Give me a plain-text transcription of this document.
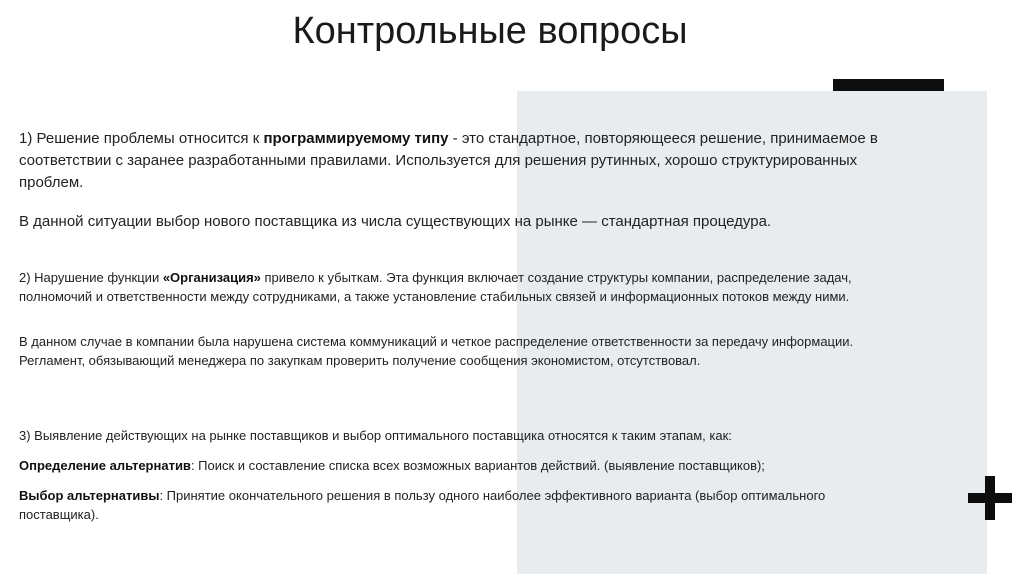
Контрольные вопросы
1) Решение проблемы относится к программируемому типу - это стандартное, повторяющееся решение, принимаемое в соответствии с заранее разработанными правилами. Используется для решения рутинных, хорошо структурированных проблем.
В данной ситуации выбор нового поставщика из числа существующих на рынке — стандартная процедура.
2) Нарушение функции «Организация» привело к убыткам. Эта функция включает создание структуры компании, распределение задач, полномочий и ответственности между сотрудниками, а также установление стабильных связей и информационных потоков между ними.
В данном случае в компании была нарушена система коммуникаций и четкое распределение ответственности за передачу информации. Регламент, обязывающий менеджера по закупкам проверить получение сообщения экономистом, отсутствовал.
3) Выявление действующих на рынке поставщиков и выбор оптимального поставщика относятся к таким этапам, как:
Определение альтернатив: Поиск и составление списка всех возможных вариантов действий. (выявление поставщиков);
Выбор альтернативы: Принятие окончательного решения в пользу одного наиболее эффективного варианта (выбор оптимального поставщика).
